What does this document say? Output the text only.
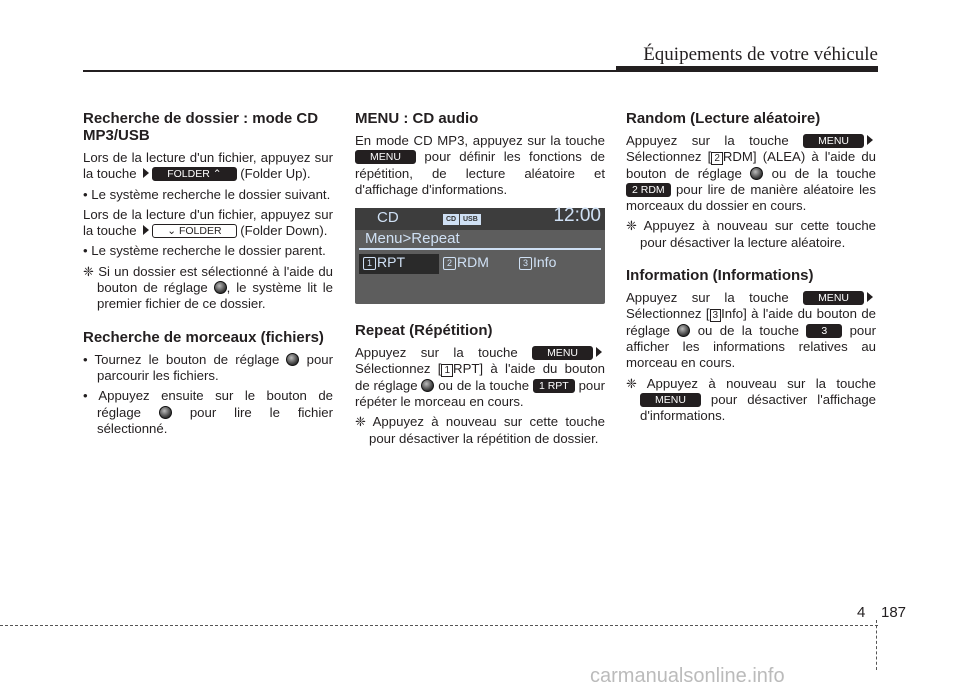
Équipements de votre véhicule
Recherche de dossier : mode CD MP3/USB

Lors de la lecture d'un fichier, appuyez sur la touche	FOLDER ⌃ (Folder Up).

• Le système recherche le dossier suivant.

Lors de la lecture d'un fichier, appuyez sur la touche	⌄ FOLDER (Folder Down).

• Le système recherche le dossier parent.

❈ Si un dossier est sélectionné à l'aide du bouton de réglage , le système lit le premier fichier de ce dossier.

Recherche de morceaux (fichiers)

• Tournez le bouton de réglage pour parcourir les fichiers.

• Appuyez ensuite sur le bouton de réglage	pour lire le fichier sélectionné.

MENU : CD audio

En mode CD MP3, appuyez sur la touche MENU pour définir les fonctions de répétition, de lecture aléatoire et d'affichage d'informations.

CD	CD USB	12:00
Menu>Repeat
1 RPT	2 RDM	3 Info
Repeat (Répétition)

Appuyez sur la touche	MENU Sélectionnez [ 1 RPT] à l'aide du bouton de réglage ou de la touche 1 RPT pour répéter le morceau en cours.

❈ Appuyez à nouveau sur cette touche pour désactiver la répétition de dossier.

Random (Lecture aléatoire)

Appuyez sur la touche	MENU Sélectionnez [ 2 RDM] (ALEA) à l'aide du bouton de réglage ou de la touche 2 RDM pour lire de manière aléatoire les morceaux du dossier en cours.

❈ Appuyez à nouveau sur cette touche pour désactiver la lecture aléatoire.

Information (Informations)

Appuyez sur la touche	MENU Sélectionnez [ 3 Info] à l'aide du bouton de réglage ou de la touche 3 pour afficher les informations relatives au morceau en cours.

❈ Appuyez à nouveau sur la touche MENU pour désactiver l'affichage d'informations.

4 187
carmanualsonline.info
